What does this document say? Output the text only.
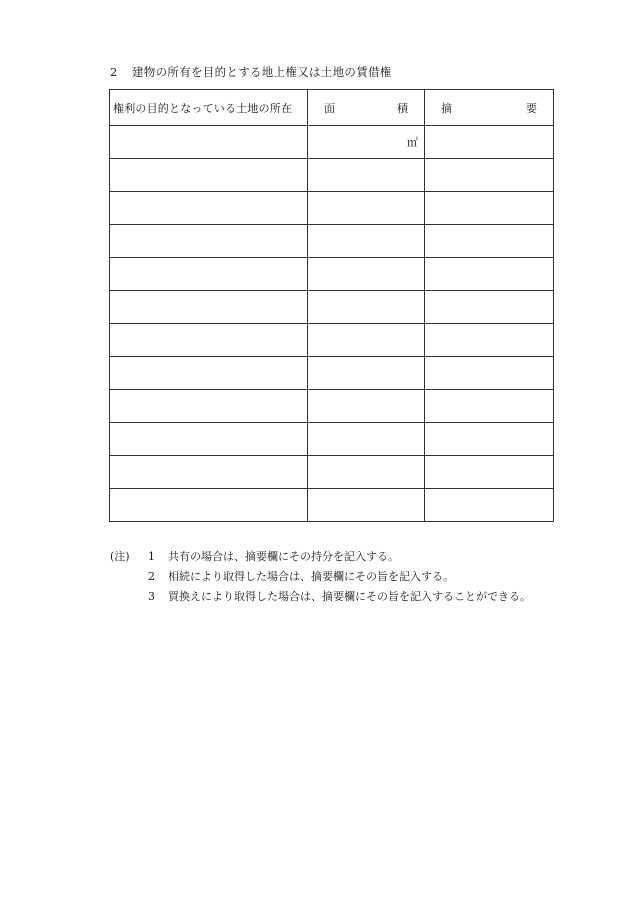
2 建物の所有を目的とする地上権又は土地の賃借権
権利の目的となっている土地の所在	面 積	摘 要

	㎡	

(注)	1	共有の場合は、摘要欄にその持分を記入する。
2	相続により取得した場合は、摘要欄にその旨を記入する。
3	買換えにより取得した場合は、摘要欄にその旨を記入することができる。
